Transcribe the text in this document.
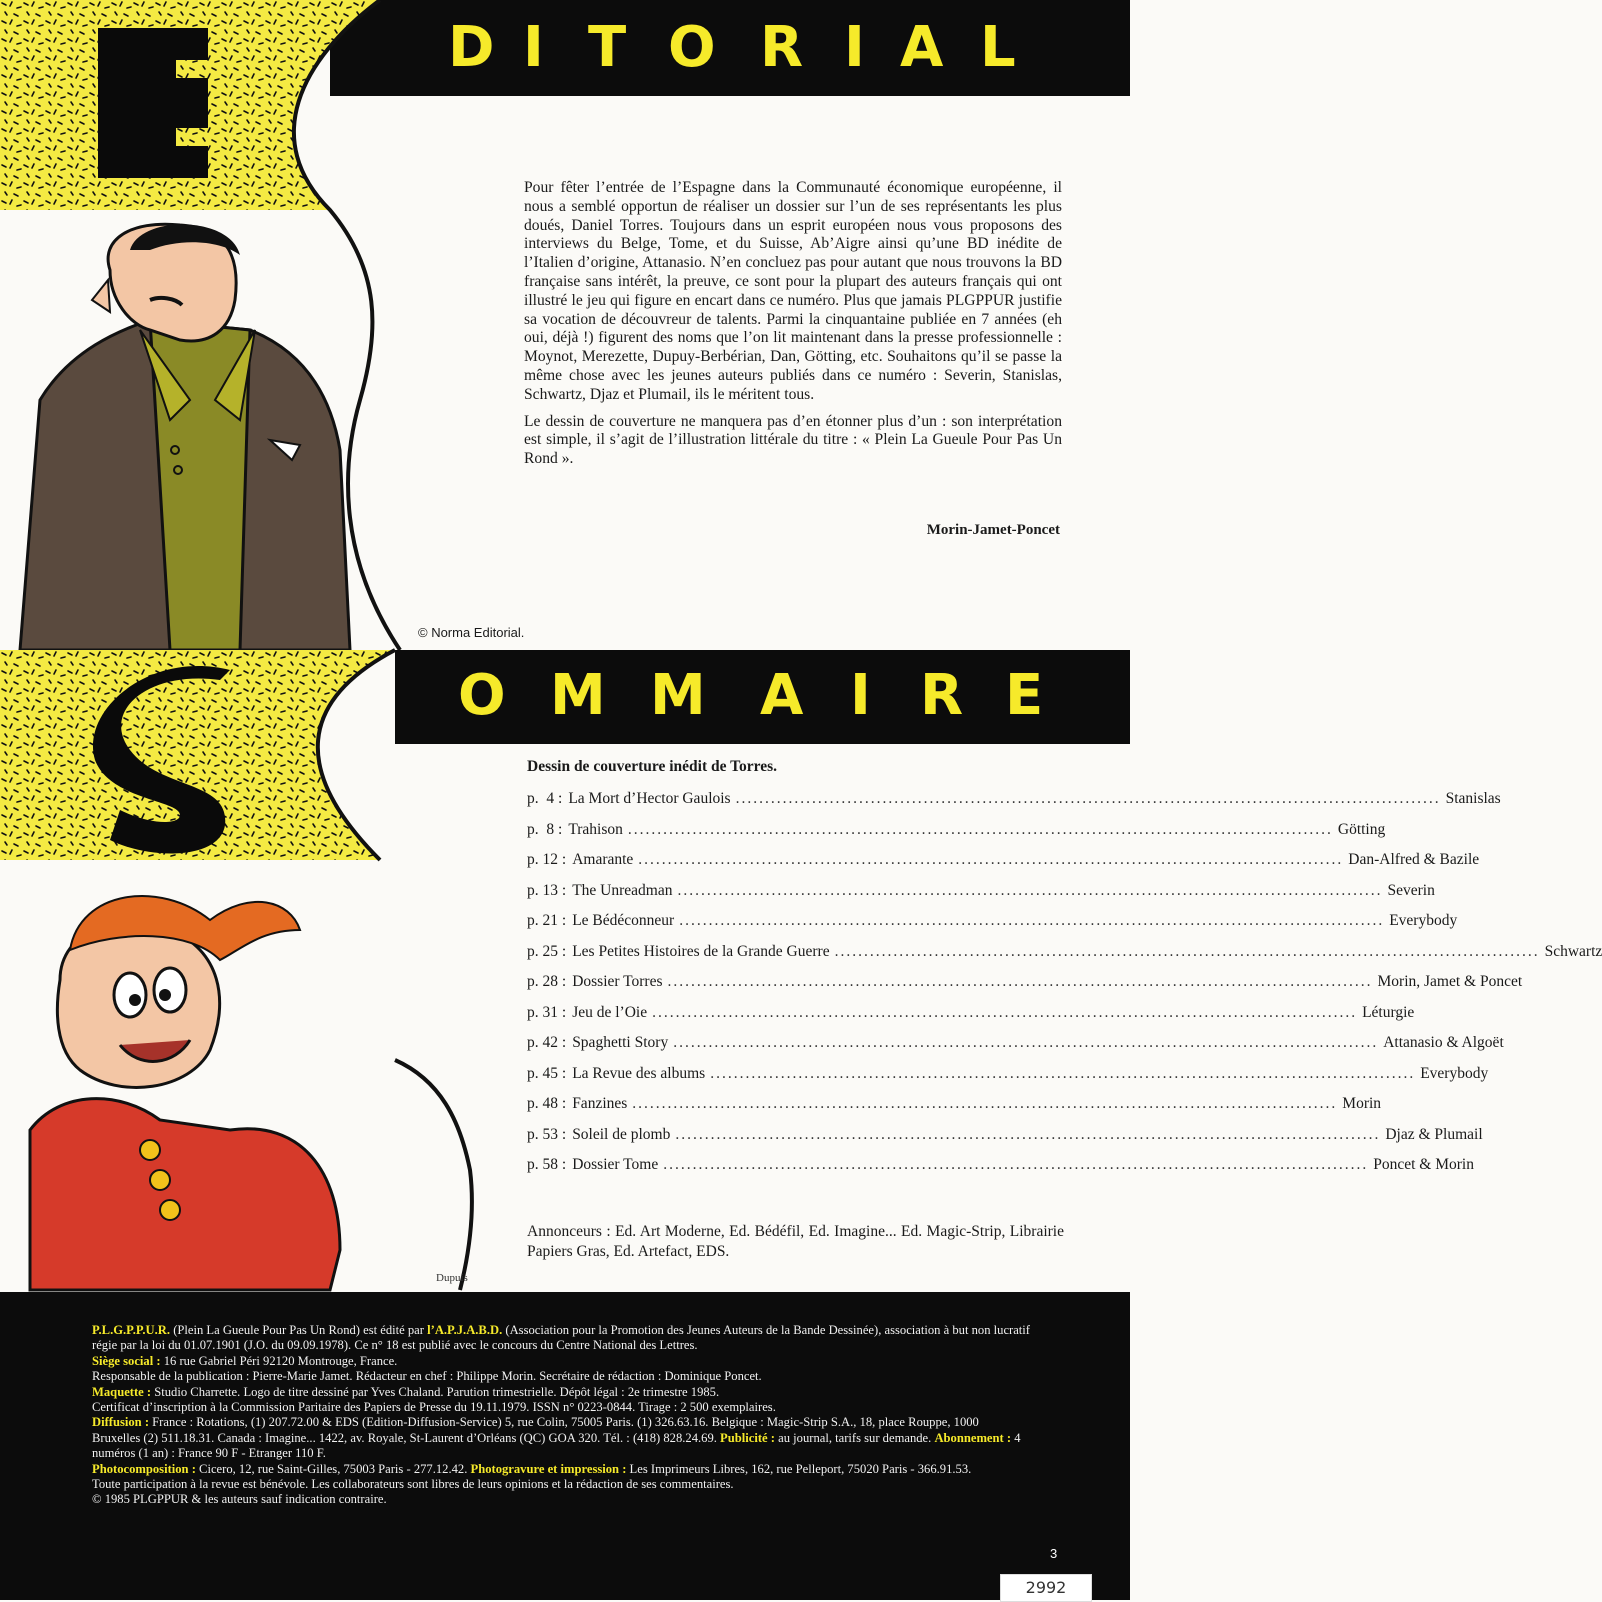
D I T O R I A L

Pour fêter l’entrée de l’Espagne dans la Communauté économique européenne, il nous a semblé opportun de réaliser un dossier sur l’un de ses représentants les plus doués, Daniel Torres. Toujours dans un esprit européen nous vous proposons des interviews du Belge, Tome, et du Suisse, Ab’Aigre ainsi qu’une BD inédite de l’Italien d’origine, Attanasio. N’en concluez pas pour autant que nous trouvons la BD française sans intérêt, la preuve, ce sont pour la plupart des auteurs français qui ont illustré le jeu qui figure en encart dans ce numéro. Plus que jamais PLGPPUR justifie sa vocation de découvreur de talents. Parmi la cinquantaine publiée en 7 années (eh oui, déjà !) figurent des noms que l’on lit maintenant dans la presse professionnelle : Moynot, Merezette, Dupuy-Berbérian, Dan, Götting, etc. Souhaitons qu’il se passe la même chose avec les jeunes auteurs publiés dans ce numéro : Severin, Stanislas, Schwartz, Djaz et Plumail, ils le méritent tous.

Le dessin de couverture ne manquera pas d’en étonner plus d’un : son interprétation est simple, il s’agit de l’illustration littérale du titre : « Plein La Gueule Pour Pas Un Rond ».

Morin-Jamet-Poncet
© Norma Editorial.
O M M A I R E
Dessin de couverture inédit de Torres.
p.  4 : La Mort d’Hector Gaulois ........................................................................................................................ Stanislas
p.  8 : Trahison ........................................................................................................................ Götting
p. 12 : Amarante ........................................................................................................................ Dan-Alfred & Bazile
p. 13 : The Unreadman ........................................................................................................................ Severin
p. 21 : Le Bédéconneur ........................................................................................................................ Everybody
p. 25 : Les Petites Histoires de la Grande Guerre ........................................................................................................................ Schwartz
p. 28 : Dossier Torres ........................................................................................................................ Morin, Jamet & Poncet
p. 31 : Jeu de l’Oie ........................................................................................................................ Léturgie
p. 42 : Spaghetti Story ........................................................................................................................ Attanasio & Algoët
p. 45 : La Revue des albums ........................................................................................................................ Everybody
p. 48 : Fanzines ........................................................................................................................ Morin
p. 53 : Soleil de plomb ........................................................................................................................ Djaz & Plumail
p. 58 : Dossier Tome ........................................................................................................................ Poncet & Morin
Annonceurs : Ed. Art Moderne, Ed. Bédéfil, Ed. Imagine... Ed. Magic-Strip, Librairie Papiers Gras, Ed. Artefact, EDS.
Dupuis

P.L.G.P.P.U.R. (Plein La Gueule Pour Pas Un Rond) est édité par l’A.P.J.A.B.D. (Association pour la Promotion des Jeunes Auteurs de la Bande Dessinée), association à but non lucratif régie par la loi du 01.07.1901 (J.O. du 09.09.1978). Ce n° 18 est publié avec le concours du Centre National des Lettres.

Siège social : 16 rue Gabriel Péri 92120 Montrouge, France.

Responsable de la publication : Pierre-Marie Jamet. Rédacteur en chef : Philippe Morin. Secrétaire de rédaction : Dominique Poncet.

Maquette : Studio Charrette. Logo de titre dessiné par Yves Chaland. Parution trimestrielle. Dépôt légal : 2e trimestre 1985.

Certificat d’inscription à la Commission Paritaire des Papiers de Presse du 19.11.1979. ISSN n° 0223-0844. Tirage : 2 500 exemplaires.

Diffusion : France : Rotations, (1) 207.72.00 & EDS (Edition-Diffusion-Service) 5, rue Colin, 75005 Paris. (1) 326.63.16. Belgique : Magic-Strip S.A., 18, place Rouppe, 1000 Bruxelles (2) 511.18.31. Canada : Imagine... 1422, av. Royale, St-Laurent d’Orléans (QC) GOA 320. Tél. : (418) 828.24.69. Publicité : au journal, tarifs sur demande. Abonnement : 4 numéros (1 an) : France 90 F - Etranger 110 F.

Photocomposition : Cicero, 12, rue Saint-Gilles, 75003 Paris - 277.12.42. Photogravure et impression : Les Imprimeurs Libres, 162, rue Pelleport, 75020 Paris - 366.91.53.

Toute participation à la revue est bénévole. Les collaborateurs sont libres de leurs opinions et la rédaction de ses commentaires.

© 1985 PLGPPUR & les auteurs sauf indication contraire.

3
2992
